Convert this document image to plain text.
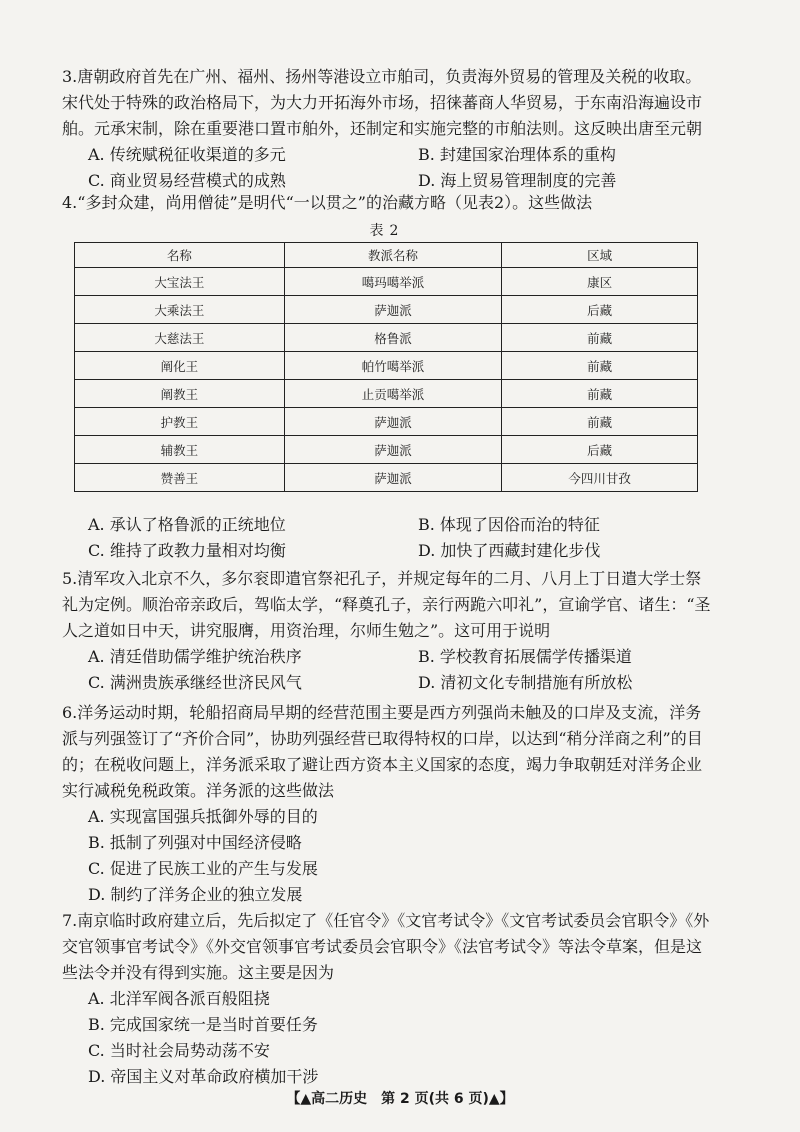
3.唐朝政府首先在广州、福州、扬州等港设立市舶司，负责海外贸易的管理及关税的收取。宋代处于特殊的政治格局下，为大力开拓海外市场，招徕蕃商人华贸易，于东南沿海遍设市舶。元承宋制，除在重要港口置市舶外，还制定和实施完整的市舶法则。这反映出唐至元朝

A. 传统赋税征收渠道的多元	B. 封建国家治理体系的重构
C. 商业贸易经营模式的成熟	D. 海上贸易管理制度的完善

4.“多封众建，尚用僧徒”是明代“一以贯之”的治藏方略（见表2）。这些做法

表2
名称	教派名称	区域
大宝法王	噶玛噶举派	康区
大乘法王	萨迦派	后藏
大慈法王	格鲁派	前藏
阐化王	帕竹噶举派	前藏
阐教王	止贡噶举派	前藏
护教王	萨迦派	前藏
辅教王	萨迦派	后藏
赞善王	萨迦派	今四川甘孜
A. 承认了格鲁派的正统地位	B. 体现了因俗而治的特征
C. 维持了政教力量相对均衡	D. 加快了西藏封建化步伐

5.清军攻入北京不久，多尔衮即遣官祭祀孔子，并规定每年的二月、八月上丁日遣大学士祭礼为定例。顺治帝亲政后，驾临太学，“释奠孔子，亲行两跪六叩礼”，宣谕学官、诸生：“圣人之道如日中天，讲究服膺，用资治理，尔师生勉之”。这可用于说明

A. 清廷借助儒学维护统治秩序	B. 学校教育拓展儒学传播渠道
C. 满洲贵族承继经世济民风气	D. 清初文化专制措施有所放松

6.洋务运动时期，轮船招商局早期的经营范围主要是西方列强尚未触及的口岸及支流，洋务派与列强签订了“齐价合同”，协助列强经营已取得特权的口岸，以达到“稍分洋商之利”的目的；在税收问题上，洋务派采取了避让西方资本主义国家的态度，竭力争取朝廷对洋务企业实行减税免税政策。洋务派的这些做法

A. 实现富国强兵抵御外辱的目的
B. 抵制了列强对中国经济侵略
C. 促进了民族工业的产生与发展
D. 制约了洋务企业的独立发展

7.南京临时政府建立后，先后拟定了《任官令》《文官考试令》《文官考试委员会官职令》《外交官领事官考试令》《外交官领事官考试委员会官职令》《法官考试令》等法令草案，但是这些法令并没有得到实施。这主要是因为

A. 北洋军阀各派百般阻挠
B. 完成国家统一是当时首要任务
C. 当时社会局势动荡不安
D. 帝国主义对革命政府横加干涉
【▲高二历史　第 2 页(共 6 页)▲】
